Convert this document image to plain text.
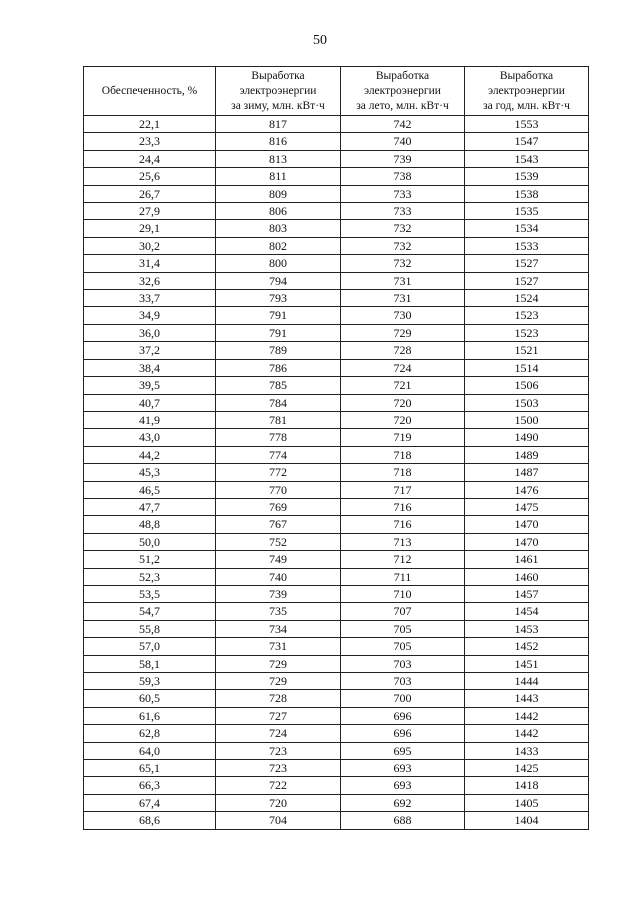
50
Обеспеченность, %	Выработка
электроэнергии
за зиму, млн. кВт·ч	Выработка
электроэнергии
за лето, млн. кВт·ч	Выработка
электроэнергии
за год, млн. кВт·ч

22,1	817	742	1553
23,3	816	740	1547
24,4	813	739	1543
25,6	811	738	1539
26,7	809	733	1538
27,9	806	733	1535
29,1	803	732	1534
30,2	802	732	1533
31,4	800	732	1527
32,6	794	731	1527
33,7	793	731	1524
34,9	791	730	1523
36,0	791	729	1523
37,2	789	728	1521
38,4	786	724	1514
39,5	785	721	1506
40,7	784	720	1503
41,9	781	720	1500
43,0	778	719	1490
44,2	774	718	1489
45,3	772	718	1487
46,5	770	717	1476
47,7	769	716	1475
48,8	767	716	1470
50,0	752	713	1470
51,2	749	712	1461
52,3	740	711	1460
53,5	739	710	1457
54,7	735	707	1454
55,8	734	705	1453
57,0	731	705	1452
58,1	729	703	1451
59,3	729	703	1444
60,5	728	700	1443
61,6	727	696	1442
62,8	724	696	1442
64,0	723	695	1433
65,1	723	693	1425
66,3	722	693	1418
67,4	720	692	1405
68,6	704	688	1404
